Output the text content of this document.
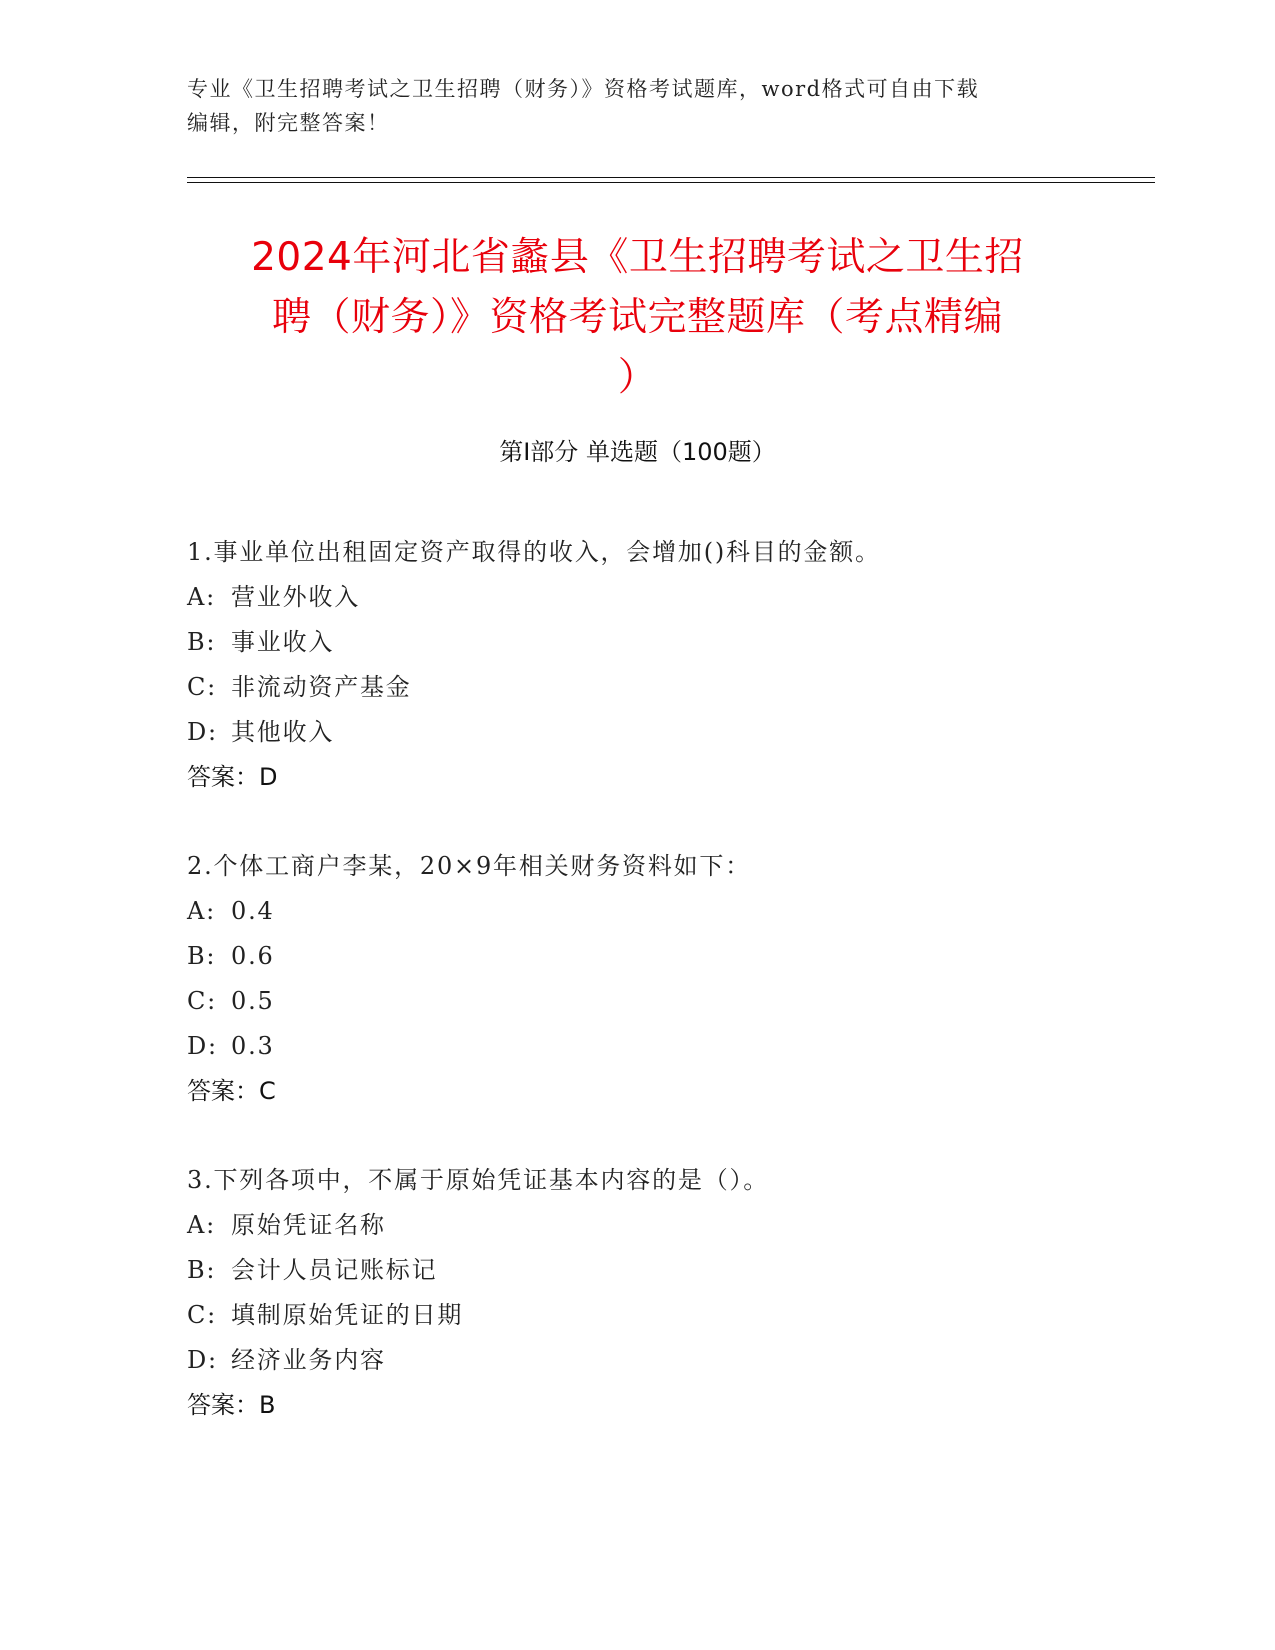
专业《卫生招聘考试之卫生招聘（财务）》资格考试题库，word格式可自由下载
编辑，附完整答案！
2024年河北省蠡县《卫生招聘考试之卫生招
聘（财务）》资格考试完整题库（考点精编
）
第Ⅰ部分 单选题（100题）
1.事业单位出租固定资产取得的收入，会增加()科目的金额。
A: 营业外收入
B: 事业收入
C: 非流动资产基金
D: 其他收入
答案：D
2.个体工商户李某，20×9年相关财务资料如下：
A: 0.4
B: 0.6
C: 0.5
D: 0.3
答案：C
3.下列各项中，不属于原始凭证基本内容的是（）。
A: 原始凭证名称
B: 会计人员记账标记
C: 填制原始凭证的日期
D: 经济业务内容
答案：B
